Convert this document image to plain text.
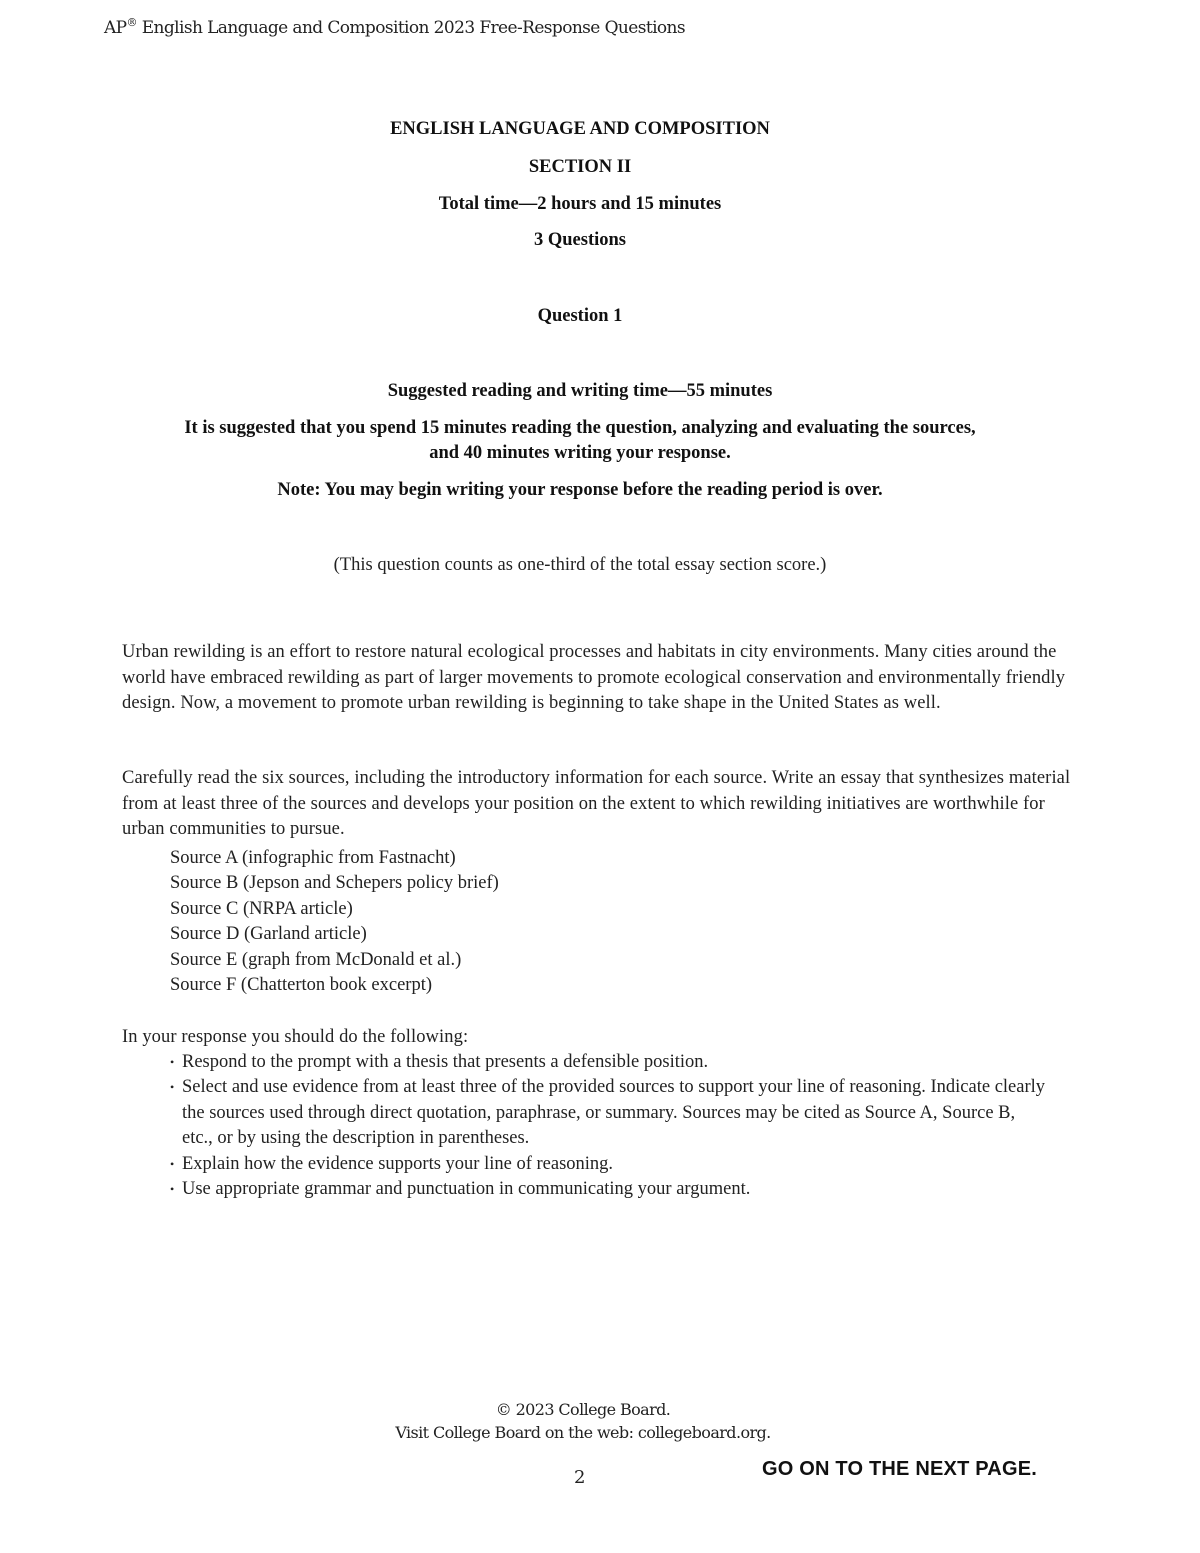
AP® English Language and Composition 2023 Free-Response Questions
ENGLISH LANGUAGE AND COMPOSITION
SECTION II
Total time—2 hours and 15 minutes
3 Questions
Question 1
Suggested reading and writing time—55 minutes
It is suggested that you spend 15 minutes reading the question, analyzing and evaluating the sources,
and 40 minutes writing your response.
Note: You may begin writing your response before the reading period is over.
(This question counts as one-third of the total essay section score.)
Urban rewilding is an effort to restore natural ecological processes and habitats in city environments. Many cities around the world have embraced rewilding as part of larger movements to promote ecological conservation and environmentally friendly design. Now, a movement to promote urban rewilding is beginning to take shape in the United States as well.
Carefully read the six sources, including the introductory information for each source. Write an essay that synthesizes material from at least three of the sources and develops your position on the extent to which rewilding initiatives are worthwhile for urban communities to pursue.
Source A (infographic from Fastnacht)
Source B (Jepson and Schepers policy brief)
Source C (NRPA article)
Source D (Garland article)
Source E (graph from McDonald et al.)
Source F (Chatterton book excerpt)
In your response you should do the following:
• Respond to the prompt with a thesis that presents a defensible position.
• Select and use evidence from at least three of the provided sources to support your line of reasoning. Indicate clearly the sources used through direct quotation, paraphrase, or summary. Sources may be cited as Source A, Source B, etc., or by using the description in parentheses.
• Explain how the evidence supports your line of reasoning.
• Use appropriate grammar and punctuation in communicating your argument.
© 2023 College Board.
Visit College Board on the web: collegeboard.org.
2	GO ON TO THE NEXT PAGE.
